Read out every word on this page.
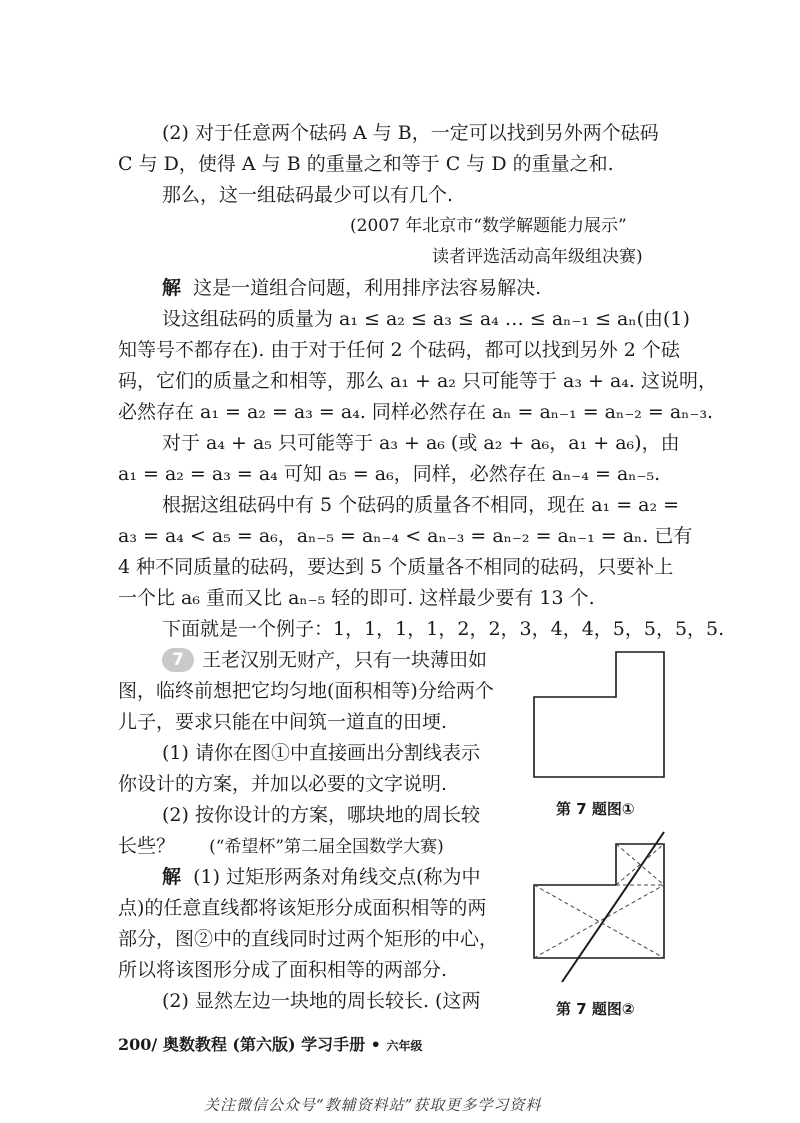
(2) 对于任意两个砝码 A 与 B，一定可以找到另外两个砝码
C 与 D，使得 A 与 B 的重量之和等于 C 与 D 的重量之和.
那么，这一组砝码最少可以有几个.
(2007 年北京市“数学解题能力展示”
读者评选活动高年级组决赛)
解 这是一道组合问题，利用排序法容易解决.
设这组砝码的质量为 a₁ ≤ a₂ ≤ a₃ ≤ a₄ … ≤ aₙ₋₁ ≤ aₙ(由(1)
知等号不都存在). 由于对于任何 2 个砝码，都可以找到另外 2 个砝
码，它们的质量之和相等，那么 a₁ + a₂ 只可能等于 a₃ + a₄. 这说明，
必然存在 a₁ = a₂ = a₃ = a₄. 同样必然存在 aₙ = aₙ₋₁ = aₙ₋₂ = aₙ₋₃.
对于 a₄ + a₅ 只可能等于 a₃ + a₆ (或 a₂ + a₆，a₁ + a₆)，由
a₁ = a₂ = a₃ = a₄ 可知 a₅ = a₆，同样，必然存在 aₙ₋₄ = aₙ₋₅.
根据这组砝码中有 5 个砝码的质量各不相同，现在 a₁ = a₂ =
a₃ = a₄ < a₅ = a₆，aₙ₋₅ = aₙ₋₄ < aₙ₋₃ = aₙ₋₂ = aₙ₋₁ = aₙ. 已有
4 种不同质量的砝码，要达到 5 个质量各不相同的砝码，只要补上
一个比 a₆ 重而又比 aₙ₋₅ 轻的即可. 这样最少要有 13 个.
下面就是一个例子：1，1，1，1，2，2，3，4，4，5，5，5，5.
7 王老汉别无财产，只有一块薄田如
图，临终前想把它均匀地(面积相等)分给两个
儿子，要求只能在中间筑一道直的田埂.
(1) 请你在图①中直接画出分割线表示
你设计的方案，并加以必要的文字说明.
(2) 按你设计的方案，哪块地的周长较
长些？ (“希望杯”第二届全国数学大赛)
解 (1) 过矩形两条对角线交点(称为中
点)的任意直线都将该矩形分成面积相等的两
部分，图②中的直线同时过两个矩形的中心，
所以将该图形分成了面积相等的两部分.
(2) 显然左边一块地的周长较长. (这两
第 7 题图①
第 7 题图②
200/ 奥数教程 (第六版) 学习手册 • 六年级
关注微信公众号“教辅资料站”获取更多学习资料
